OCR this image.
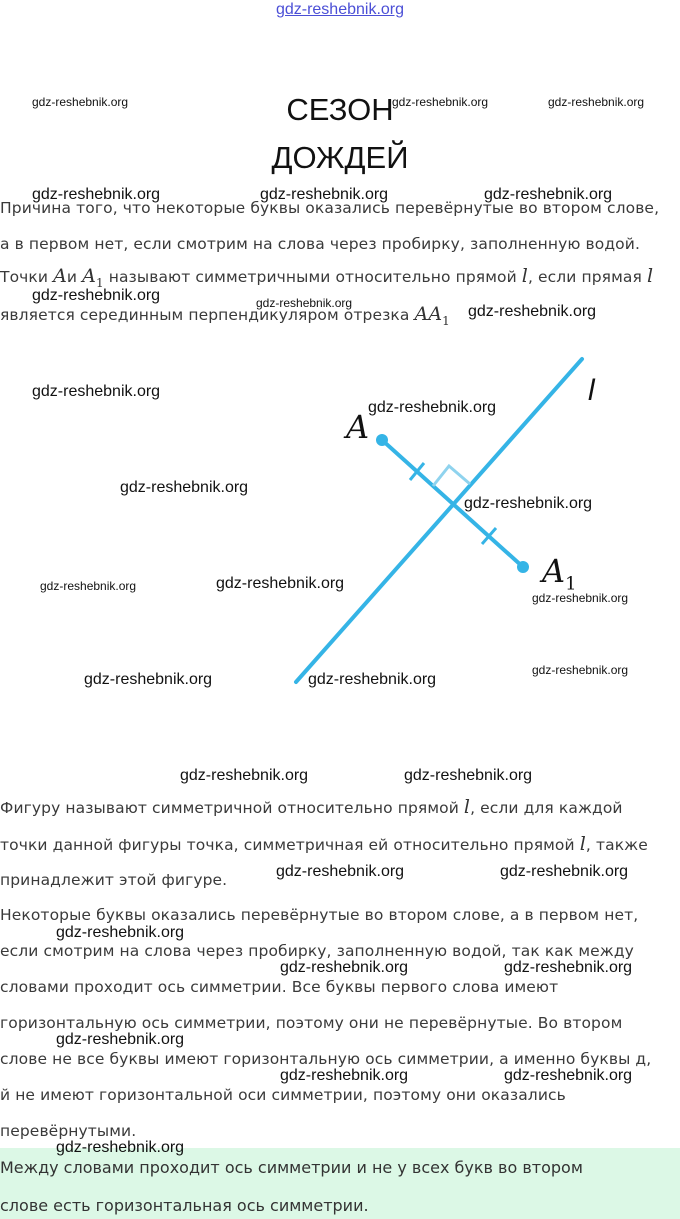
gdz-reshebnik.org
СЕЗОН
ДОЖДЕЙ
Причина того, что некоторые буквы оказались перевёрнутые во втором слове,
а в первом нет, если смотрим на слова через пробирку, заполненную водой.
Точки Aи $A_1$ называют симметричными относительно прямой l, если прямая l
является серединным перпендикуляром отрезка $AA_1$
l
A
$A_1$
Фигуру называют симметричной относительно прямой l, если для каждой
точки данной фигуры точка, симметричная ей относительно прямой l, также
принадлежит этой фигуре.
Некоторые буквы оказались перевёрнутые во втором слове, а в первом нет,
если смотрим на слова через пробирку, заполненную водой, так как между
словами проходит ось симметрии. Все буквы первого слова имеют
горизонтальную ось симметрии, поэтому они не перевёрнутые. Во втором
слове не все буквы имеют горизонтальную ось симметрии, а именно буквы д,
й не имеют горизонтальной оси симметрии, поэтому они оказались
перевёрнутыми.
Между словами проходит ось симметрии и не у всех букв во втором
слове есть горизонтальная ось симметрии.
gdz-reshebnik.org	gdz-reshebnik.org	gdz-reshebnik.org
gdz-reshebnik.org	gdz-reshebnik.org	gdz-reshebnik.org
gdz-reshebnik.org	gdz-reshebnik.org	gdz-reshebnik.org
gdz-reshebnik.org
gdz-reshebnik.org
gdz-reshebnik.org
gdz-reshebnik.org
gdz-reshebnik.org	gdz-reshebnik.org
gdz-reshebnik.org
gdz-reshebnik.org
gdz-reshebnik.org	gdz-reshebnik.org
gdz-reshebnik.org	gdz-reshebnik.org
gdz-reshebnik.org	gdz-reshebnik.org
gdz-reshebnik.org
gdz-reshebnik.org	gdz-reshebnik.org
gdz-reshebnik.org
gdz-reshebnik.org	gdz-reshebnik.org
gdz-reshebnik.org
